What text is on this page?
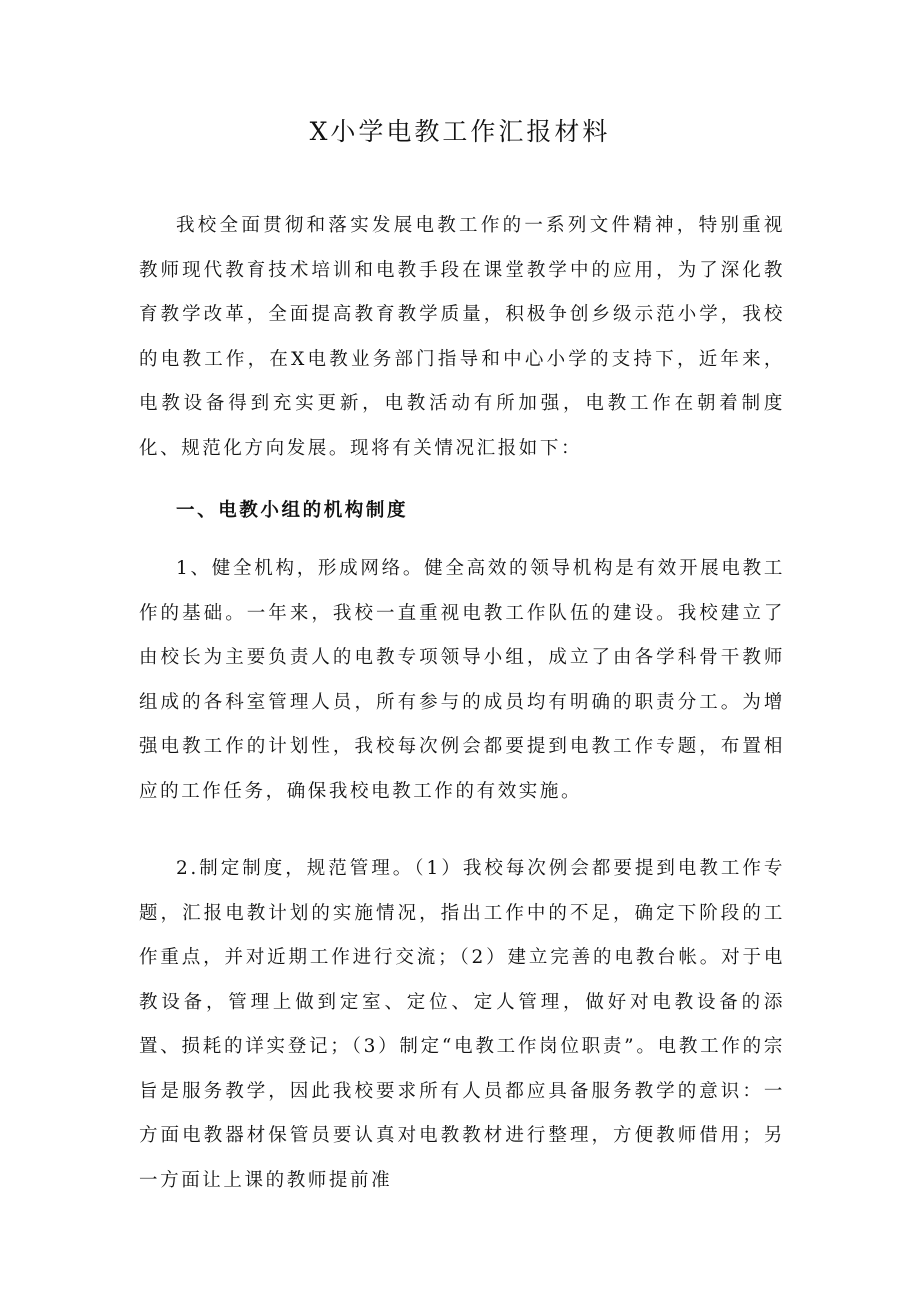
X小学电教工作汇报材料

我校全面贯彻和落实发展电教工作的一系列文件精神，特别重视教师现代教育技术培训和电教手段在课堂教学中的应用，为了深化教育教学改革，全面提高教育教学质量，积极争创乡级示范小学，我校的电教工作，在X电教业务部门指导和中心小学的支持下，近年来，电教设备得到充实更新，电教活动有所加强，电教工作在朝着制度化、规范化方向发展。现将有关情况汇报如下：

一、电教小组的机构制度

1、健全机构，形成网络。健全高效的领导机构是有效开展电教工作的基础。一年来，我校一直重视电教工作队伍的建设。我校建立了由校长为主要负责人的电教专项领导小组，成立了由各学科骨干教师组成的各科室管理人员，所有参与的成员均有明确的职责分工。为增强电教工作的计划性，我校每次例会都要提到电教工作专题，布置相应的工作任务，确保我校电教工作的有效实施。

2.制定制度，规范管理。（1）我校每次例会都要提到电教工作专题，汇报电教计划的实施情况，指出工作中的不足，确定下阶段的工作重点，并对近期工作进行交流；（2）建立完善的电教台帐。对于电教设备，管理上做到定室、定位、定人管理，做好对电教设备的添置、损耗的详实登记；（3）制定“电教工作岗位职责”。电教工作的宗旨是服务教学，因此我校要求所有人员都应具备服务教学的意识：一方面电教器材保管员要认真对电教教材进行整理，方便教师借用；另一方面让上课的教师提前准
